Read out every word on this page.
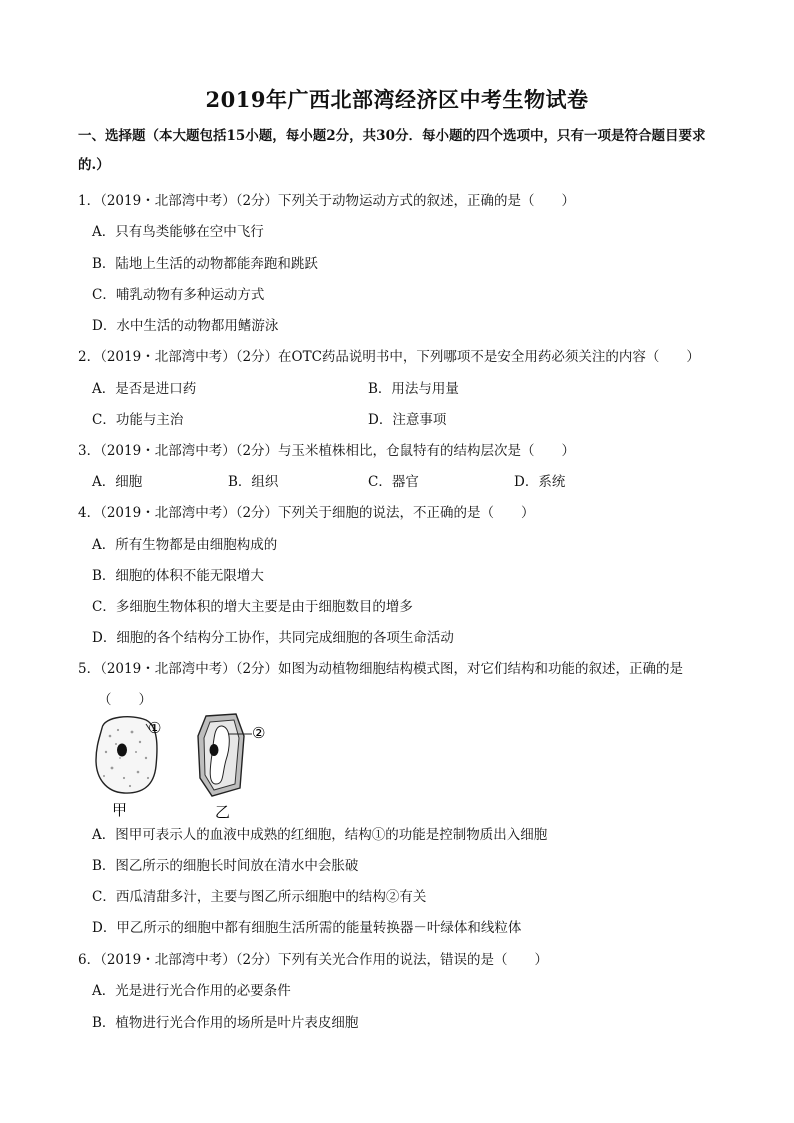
2019年广西北部湾经济区中考生物试卷
一、选择题（本大题包括15小题，每小题2分，共30分．每小题的四个选项中，只有一项是符合题目要求的.）
1．（2019・北部湾中考）（2分）下列关于动物运动方式的叙述，正确的是（　　）
A．只有鸟类能够在空中飞行
B．陆地上生活的动物都能奔跑和跳跃
C．哺乳动物有多种运动方式
D．水中生活的动物都用鳍游泳
2．（2019・北部湾中考）（2分）在OTC药品说明书中，下列哪项不是安全用药必须关注的内容（　　）
A．是否是进口药	B．用法与用量
C．功能与主治	D．注意事项
3．（2019・北部湾中考）（2分）与玉米植株相比，仓鼠特有的结构层次是（　　）
A．细胞	B．组织	C．器官	D．系统
4．（2019・北部湾中考）（2分）下列关于细胞的说法，不正确的是（　　）
A．所有生物都是由细胞构成的
B．细胞的体积不能无限增大
C．多细胞生物体积的增大主要是由于细胞数目的增多
D．细胞的各个结构分工协作，共同完成细胞的各项生命活动
5．（2019・北部湾中考）（2分）如图为动植物细胞结构模式图，对它们结构和功能的叙述，正确的是
（　　）
①	②
甲	乙
A．图甲可表示人的血液中成熟的红细胞，结构①的功能是控制物质出入细胞
B．图乙所示的细胞长时间放在清水中会胀破
C．西瓜清甜多汁，主要与图乙所示细胞中的结构②有关
D．甲乙所示的细胞中都有细胞生活所需的能量转换器－叶绿体和线粒体
6．（2019・北部湾中考）（2分）下列有关光合作用的说法，错误的是（　　）
A．光是进行光合作用的必要条件
B．植物进行光合作用的场所是叶片表皮细胞
